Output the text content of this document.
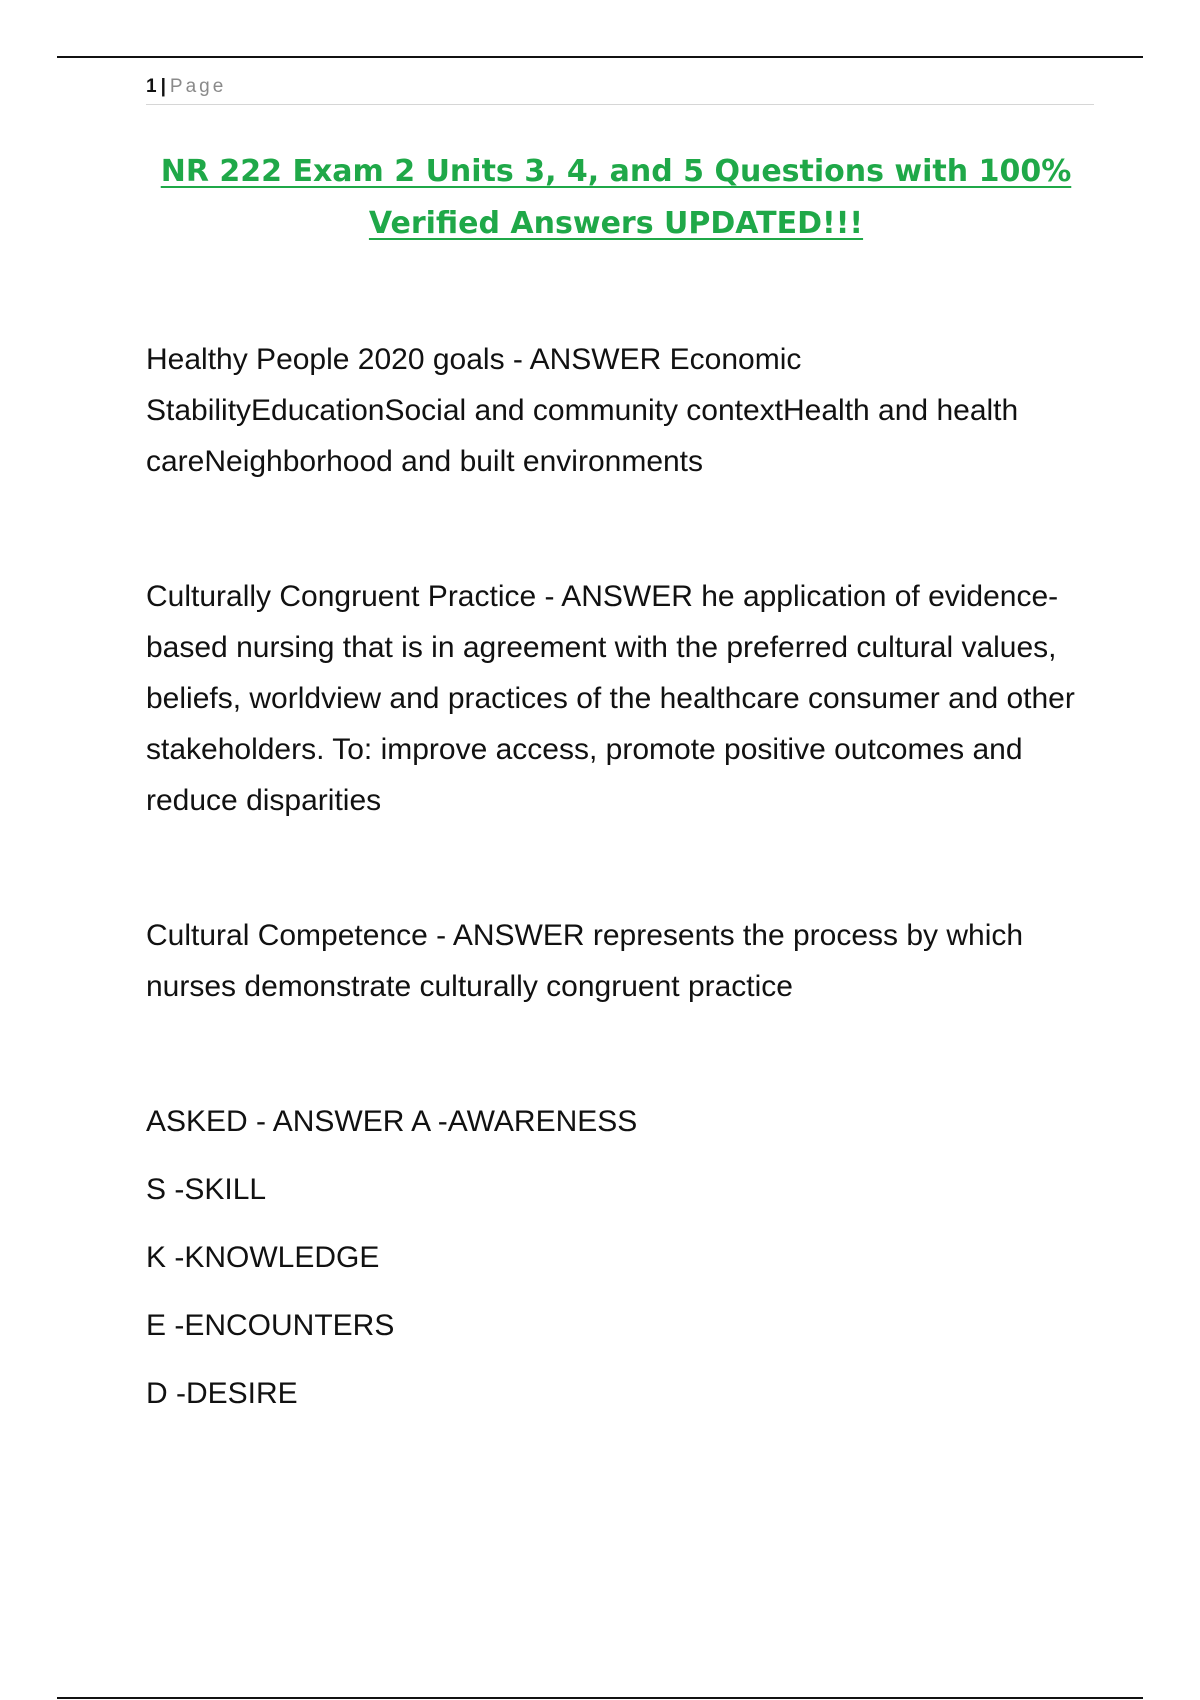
1 | Page
NR 222 Exam 2 Units 3, 4, and 5 Questions with 100% Verified Answers UPDATED!!!

Healthy People 2020 goals - ANSWER Economic StabilityEducationSocial and community contextHealth and health careNeighborhood and built environments

Culturally Congruent Practice - ANSWER he application of evidence-based nursing that is in agreement with the preferred cultural values, beliefs, worldview and practices of the healthcare consumer and other stakeholders. To: improve access, promote positive outcomes and reduce disparities

Cultural Competence - ANSWER represents the process by which nurses demonstrate culturally congruent practice

ASKED - ANSWER A -AWARENESS

S -SKILL

K -KNOWLEDGE

E -ENCOUNTERS

D -DESIRE
